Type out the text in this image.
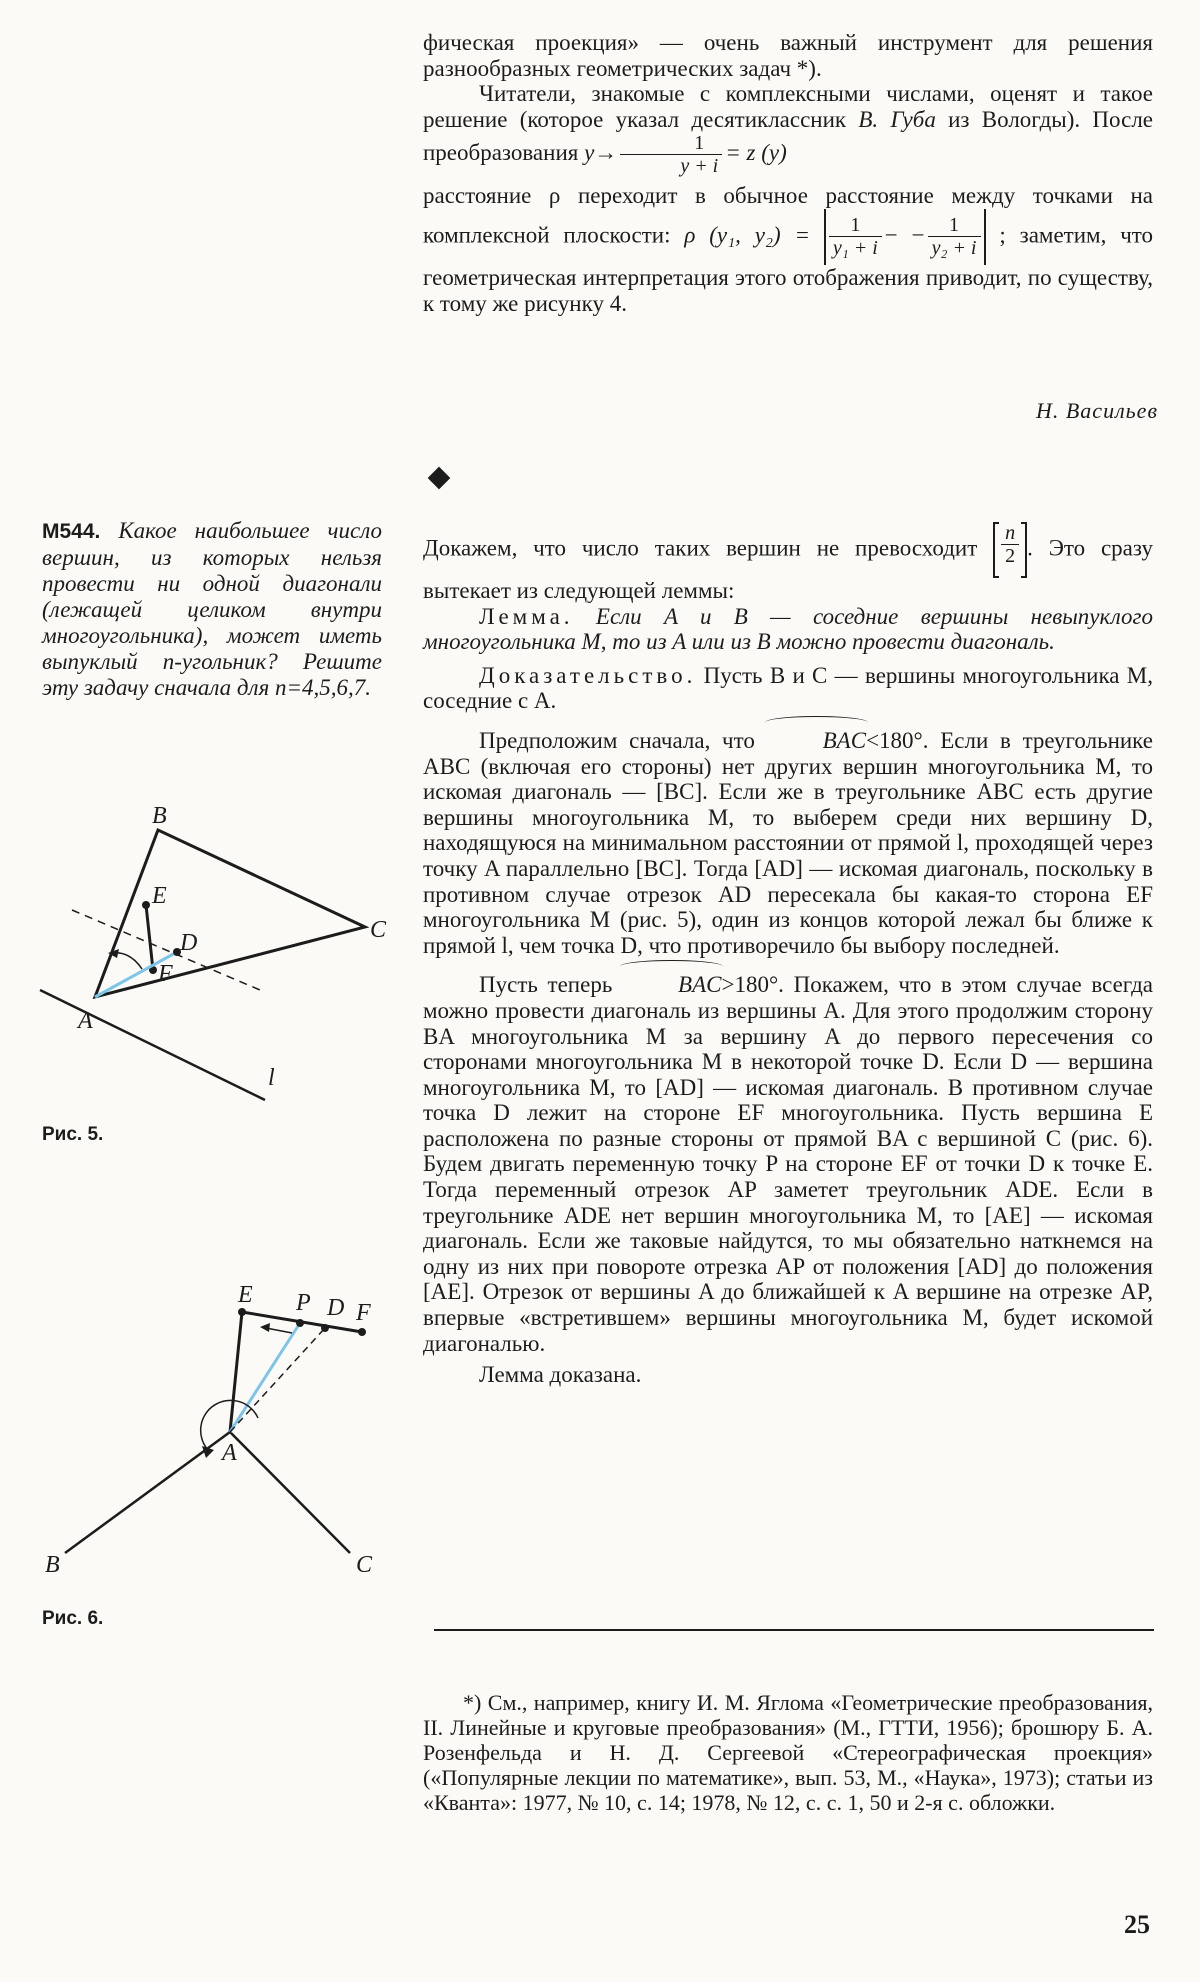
фическая проекция» — очень важный инструмент для решения разнообразных геометрических задач *).

Читатели, знакомые с комплексными числами, оценят и такое решение (которое указал десятиклассник В. Губа из Вологды). После преобразования $y\to \frac{1}{y + i} = z$ (y)

расстояние ρ переходит в обычное расстояние между точками на комплексной плоскости: ρ (y₁, $y_2) = \frac{1}{\text{y₁ + i}}$ − − $\frac{1}{\text{y₂ + i}}$ ; заметим, что геометрическая интерпретация этого отображения приводит, по существу, к тому же рисунку 4.

Н. Васильев
М544. Какое наибольшее число вершин, из которых нельзя провести ни одной диагонали (лежащей целиком внутри многоугольника), может иметь выпуклый n-угольник? Решите эту задачу сначала для n=4,5,6,7.

Докажем, что число таких вершин не превосходит $\frac{n}{2}$ . Это сразу вытекает из следующей леммы:

Лемма. Если A и B — соседние вершины невыпуклого многоугольника M, то из A или из B можно провести диагональ.

Доказательство. Пусть B и C — вершины многоугольника M, соседние с A.

Предположим сначала, что BAC<180°. Если в треугольнике ABC (включая его стороны) нет других вершин многоугольника M, то искомая диагональ — [BC]. Если же в треугольнике ABC есть другие вершины многоугольника M, то выберем среди них вершину D, находящуюся на минимальном расстоянии от прямой l, проходящей через точку A параллельно [BC]. Тогда [AD] — искомая диагональ, поскольку в противном случае отрезок AD пересекала бы какая-то сторона EF многоугольника M (рис. 5), один из концов которой лежал бы ближе к прямой l, чем точка D, что противоречило бы выбору последней.

Пусть теперь BAC>180°. Покажем, что в этом случае всегда можно провести диагональ из вершины A. Для этого продолжим сторону BA многоугольника M за вершину A до первого пересечения со сторонами многоугольника M в некоторой точке D. Если D — вершина многоугольника M, то [AD] — искомая диагональ. В противном случае точка D лежит на стороне EF многоугольника. Пусть вершина E расположена по разные стороны от прямой BA с вершиной C (рис. 6). Будем двигать переменную точку P на стороне EF от точки D к точке E. Тогда переменный отрезок AP заметет треугольник ADE. Если в треугольнике ADE нет вершин многоугольника M, то [AE] — искомая диагональ. Если же таковые найдутся, то мы обязательно наткнемся на одну из них при повороте отрезка AP от положения [AD] до положения [AE]. Отрезок от вершины A до ближайшей к A вершине на отрезке AP, впервые «встретившем» вершины многоугольника M, будет искомой диагональю.

Лемма доказана.

B
C
E
D
F
A
l
Рис. 5.
E P D F
A
B	C
Рис. 6.

*) См., например, книгу И. М. Яглома «Геометрические преобразования, II. Линейные и круговые преобразования» (М., ГТТИ, 1956); брошюру Б. А. Розенфельда и Н. Д. Сергеевой «Стереографическая проекция» («Популярные лекции по математике», вып. 53, М., «Наука», 1973); статьи из «Кванта»: 1977, № 10, с. 14; 1978, № 12, с. с. 1, 50 и 2-я с. обложки.

25
